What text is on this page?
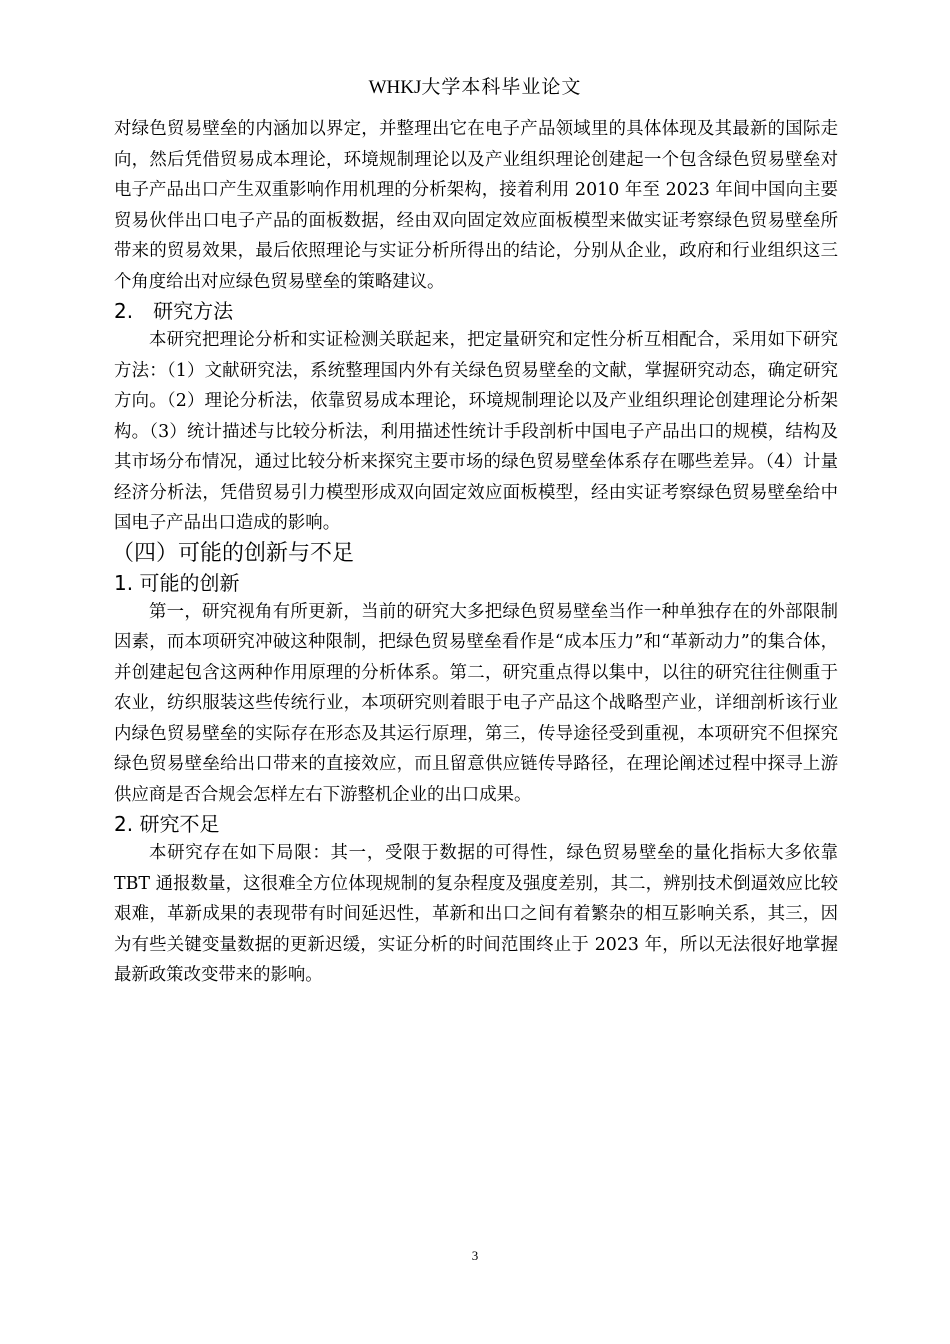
WHKJ大学本科毕业论文

对绿色贸易壁垒的内涵加以界定，并整理出它在电子产品领域里的具体体现及其最新的国际走向，然后凭借贸易成本理论，环境规制理论以及产业组织理论创建起一个包含绿色贸易壁垒对电子产品出口产生双重影响作用机理的分析架构，接着利用 2010 年至 2023 年间中国向主要贸易伙伴出口电子产品的面板数据，经由双向固定效应面板模型来做实证考察绿色贸易壁垒所带来的贸易效果，最后依照理论与实证分析所得出的结论，分别从企业，政府和行业组织这三个角度给出对应绿色贸易壁垒的策略建议。

2.　研究方法

本研究把理论分析和实证检测关联起来，把定量研究和定性分析互相配合，采用如下研究方法：（1）文献研究法，系统整理国内外有关绿色贸易壁垒的文献，掌握研究动态，确定研究方向。（2）理论分析法，依靠贸易成本理论，环境规制理论以及产业组织理论创建理论分析架构。（3）统计描述与比较分析法，利用描述性统计手段剖析中国电子产品出口的规模，结构及其市场分布情况，通过比较分析来探究主要市场的绿色贸易壁垒体系存在哪些差异。（4）计量经济分析法，凭借贸易引力模型形成双向固定效应面板模型，经由实证考察绿色贸易壁垒给中国电子产品出口造成的影响。

（四）可能的创新与不足
1. 可能的创新

第一，研究视角有所更新，当前的研究大多把绿色贸易壁垒当作一种单独存在的外部限制因素，而本项研究冲破这种限制，把绿色贸易壁垒看作是“成本压力”和“革新动力”的集合体，并创建起包含这两种作用原理的分析体系。第二，研究重点得以集中，以往的研究往往侧重于农业，纺织服装这些传统行业，本项研究则着眼于电子产品这个战略型产业，详细剖析该行业内绿色贸易壁垒的实际存在形态及其运行原理，第三，传导途径受到重视，本项研究不但探究绿色贸易壁垒给出口带来的直接效应，而且留意供应链传导路径，在理论阐述过程中探寻上游供应商是否合规会怎样左右下游整机企业的出口成果。

2. 研究不足

本研究存在如下局限：其一，受限于数据的可得性，绿色贸易壁垒的量化指标大多依靠 TBT 通报数量，这很难全方位体现规制的复杂程度及强度差别，其二，辨别技术倒逼效应比较艰难，革新成果的表现带有时间延迟性，革新和出口之间有着繁杂的相互影响关系，其三，因为有些关键变量数据的更新迟缓，实证分析的时间范围终止于 2023 年，所以无法很好地掌握最新政策改变带来的影响。

3
